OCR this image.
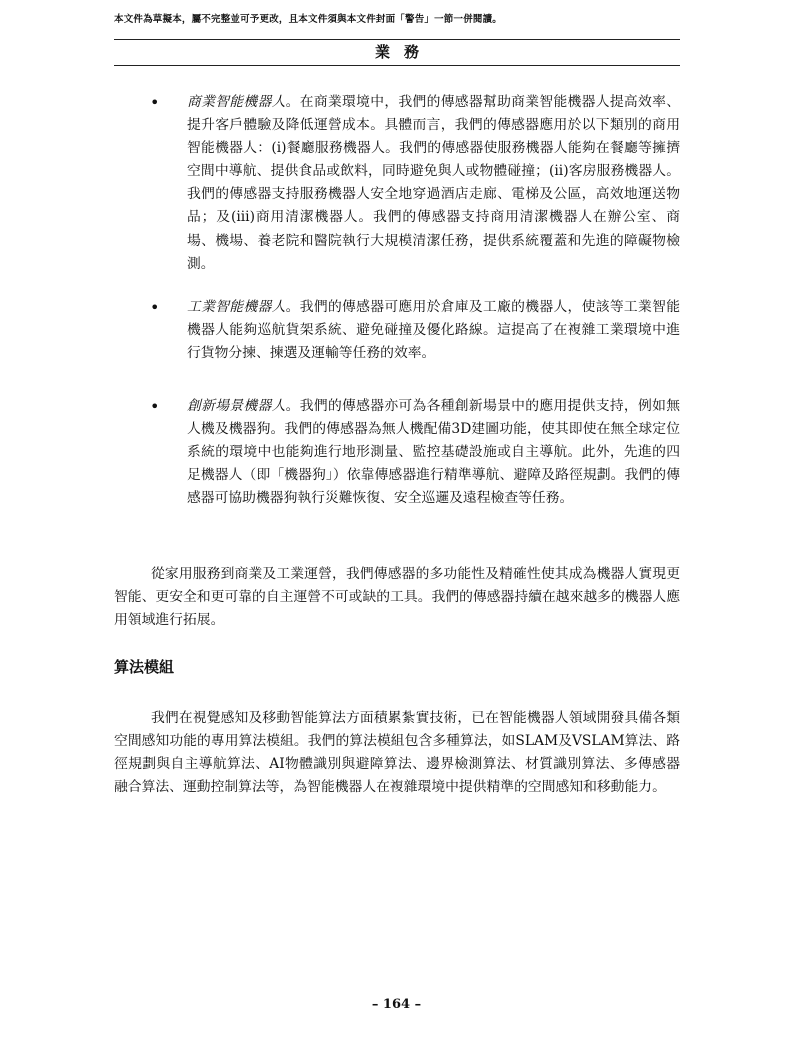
本文件為草擬本，屬不完整並可予更改，且本文件須與本文件封面「警告」一節一併閱讀。
業務
• 商業智能機器人。在商業環境中，我們的傳感器幫助商業智能機器人提高效率、提升客戶體驗及降低運營成本。具體而言，我們的傳感器應用於以下類別的商用智能機器人：(i)餐廳服務機器人。我們的傳感器使服務機器人能夠在餐廳等擁擠空間中導航、提供食品或飲料，同時避免與人或物體碰撞；(ii)客房服務機器人。我們的傳感器支持服務機器人安全地穿過酒店走廊、電梯及公區，高效地運送物品；及(iii)商用清潔機器人。我們的傳感器支持商用清潔機器人在辦公室、商場、機場、養老院和醫院執行大規模清潔任務，提供系統覆蓋和先進的障礙物檢測。
• 工業智能機器人。我們的傳感器可應用於倉庫及工廠的機器人，使該等工業智能機器人能夠巡航貨架系統、避免碰撞及優化路線。這提高了在複雜工業環境中進行貨物分揀、揀選及運輸等任務的效率。
• 創新場景機器人。我們的傳感器亦可為各種創新場景中的應用提供支持，例如無人機及機器狗。我們的傳感器為無人機配備3D建圖功能，使其即使在無全球定位系統的環境中也能夠進行地形測量、監控基礎設施或自主導航。此外，先進的四足機器人（即「機器狗」）依靠傳感器進行精準導航、避障及路徑規劃。我們的傳感器可協助機器狗執行災難恢復、安全巡邏及遠程檢查等任務。
從家用服務到商業及工業運營，我們傳感器的多功能性及精確性使其成為機器人實現更智能、更安全和更可靠的自主運營不可或缺的工具。我們的傳感器持續在越來越多的機器人應用領域進行拓展。
算法模組
我們在視覺感知及移動智能算法方面積累紮實技術，已在智能機器人領域開發具備各類空間感知功能的專用算法模組。我們的算法模組包含多種算法，如SLAM及VSLAM算法、路徑規劃與自主導航算法、AI物體識別與避障算法、邊界檢測算法、材質識別算法、多傳感器融合算法、運動控制算法等，為智能機器人在複雜環境中提供精準的空間感知和移動能力。
– 164 –
